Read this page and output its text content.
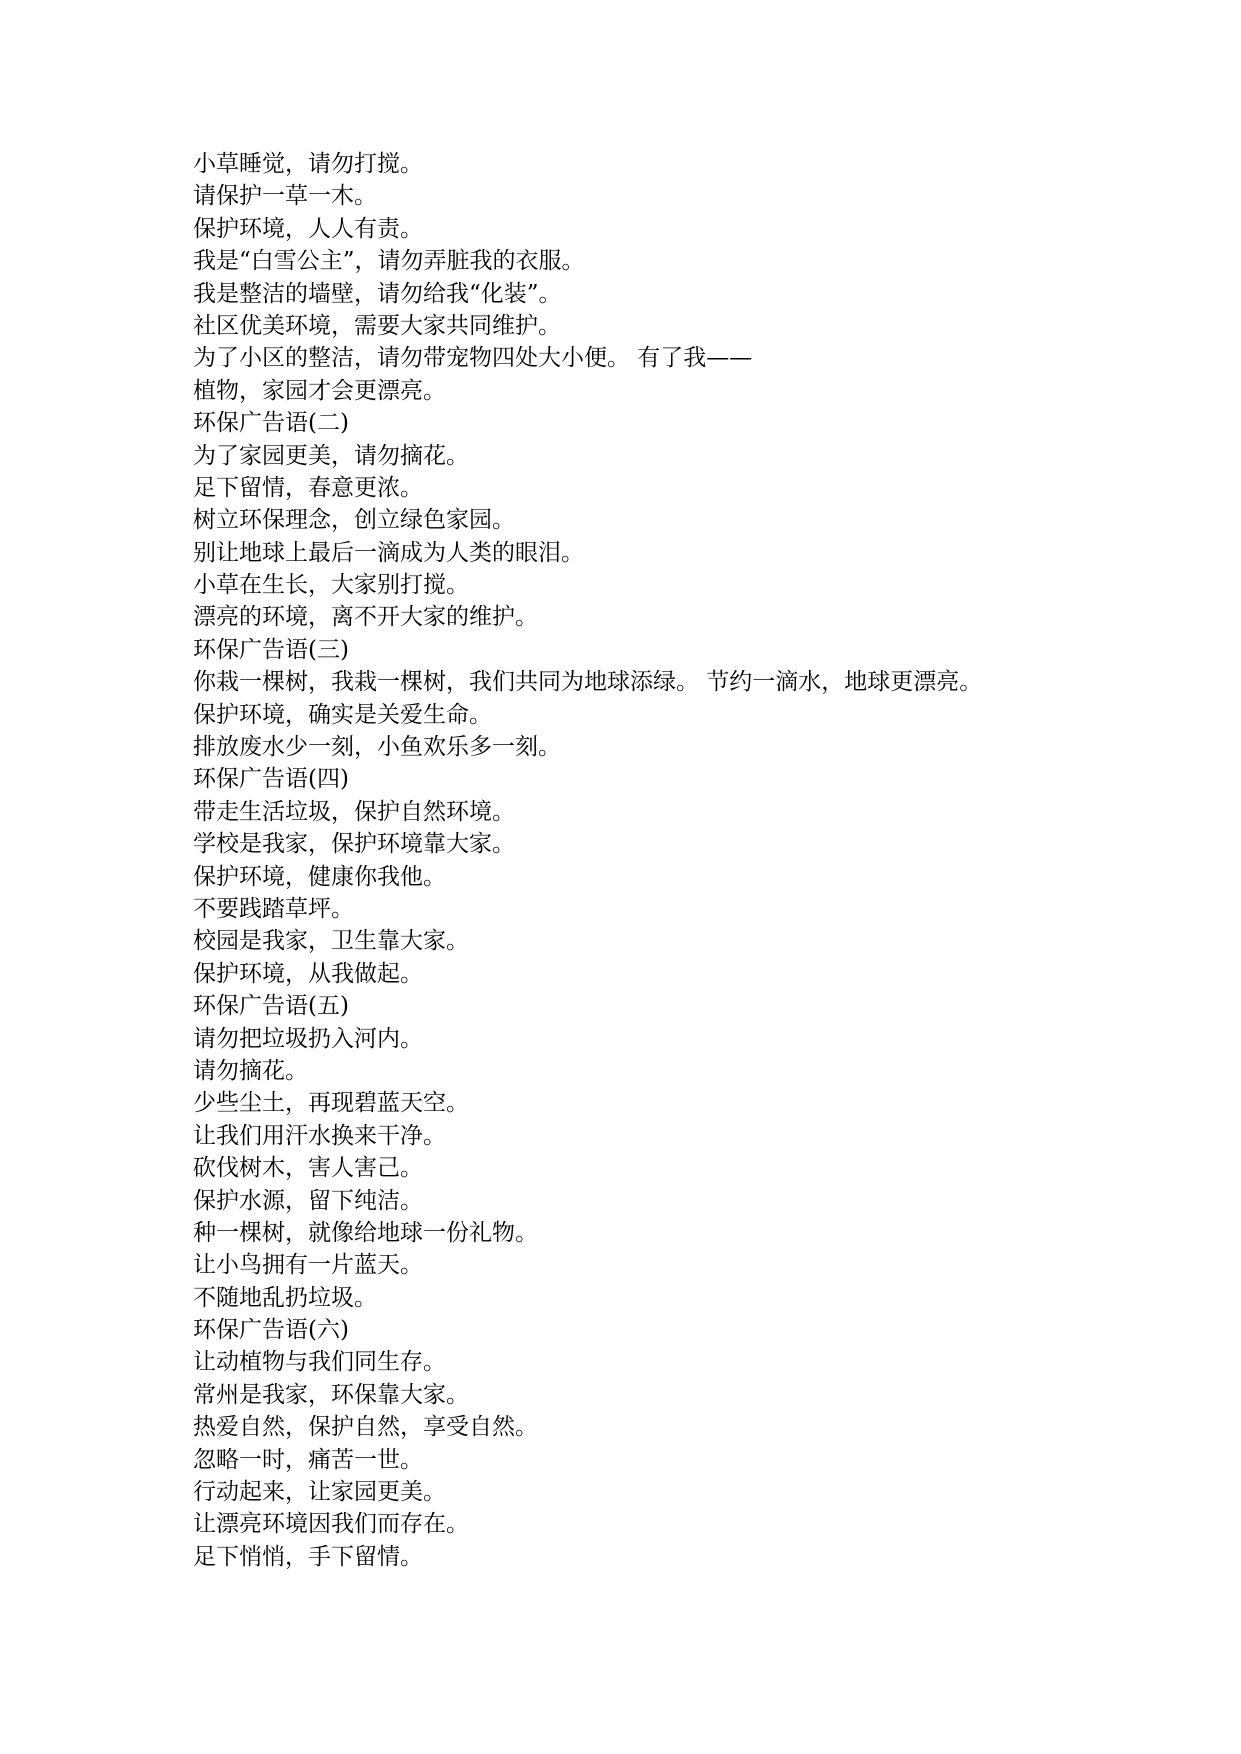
小草睡觉，请勿打搅。
请保护一草一木。
保护环境，人人有责。
我是“白雪公主”，请勿弄脏我的衣服。
我是整洁的墙壁，请勿给我“化装”。
社区优美环境，需要大家共同维护。
为了小区的整洁，请勿带宠物四处大小便。 有了我——
植物，家园才会更漂亮。
环保广告语(二)
为了家园更美，请勿摘花。
足下留情，春意更浓。
树立环保理念，创立绿色家园。
别让地球上最后一滴成为人类的眼泪。
小草在生长，大家别打搅。
漂亮的环境，离不开大家的维护。
环保广告语(三)
你栽一棵树，我栽一棵树，我们共同为地球添绿。 节约一滴水，地球更漂亮。
保护环境，确实是关爱生命。
排放废水少一刻，小鱼欢乐多一刻。
环保广告语(四)
带走生活垃圾，保护自然环境。
学校是我家，保护环境靠大家。
保护环境，健康你我他。
不要践踏草坪。
校园是我家，卫生靠大家。
保护环境，从我做起。
环保广告语(五)
请勿把垃圾扔入河内。
请勿摘花。
少些尘土，再现碧蓝天空。
让我们用汗水换来干净。
砍伐树木，害人害己。
保护水源，留下纯洁。
种一棵树，就像给地球一份礼物。
让小鸟拥有一片蓝天。
不随地乱扔垃圾。
环保广告语(六)
让动植物与我们同生存。
常州是我家，环保靠大家。
热爱自然，保护自然，享受自然。
忽略一时，痛苦一世。
行动起来，让家园更美。
让漂亮环境因我们而存在。
足下悄悄，手下留情。
